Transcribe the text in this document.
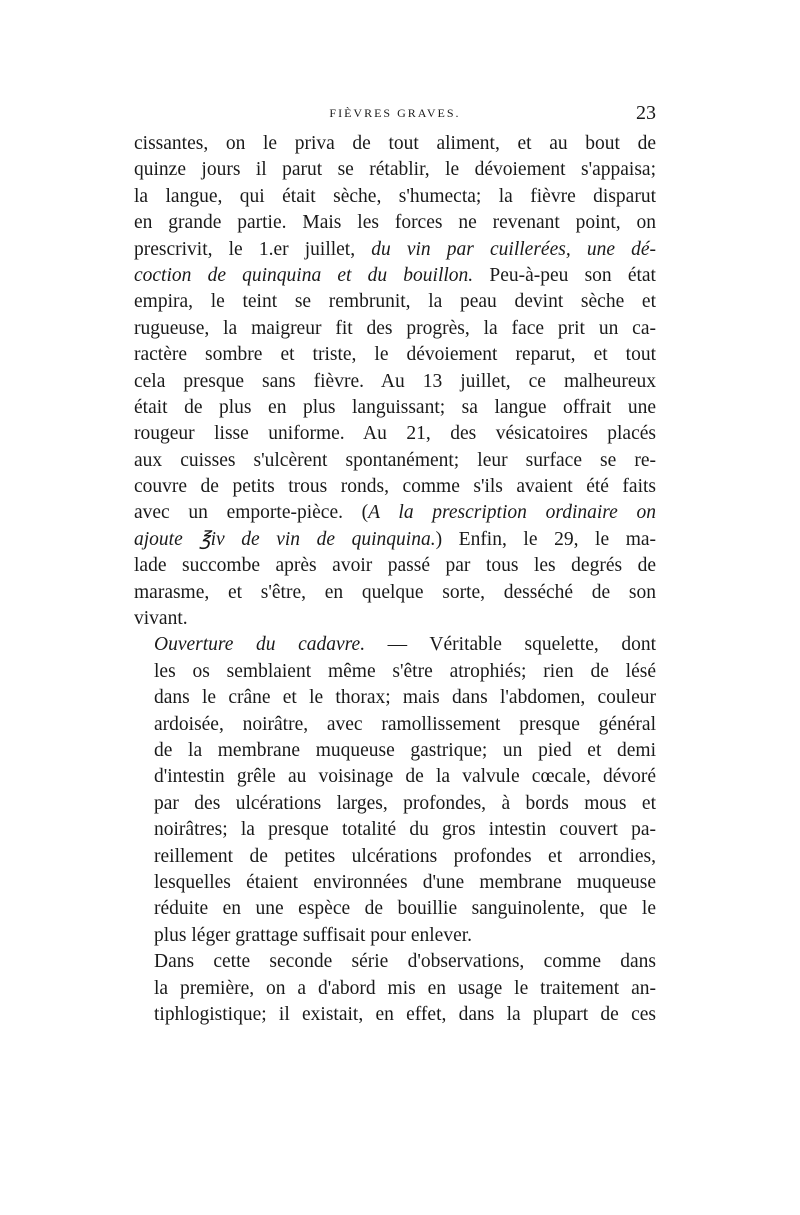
FIÈVRES GRAVES.	23
cissantes, on le priva de tout aliment, et au bout de
quinze jours il parut se rétablir, le dévoiement s'appaisa;
la langue, qui était sèche, s'humecta; la fièvre disparut
en grande partie. Mais les forces ne revenant point, on
prescrivit, le 1.er juillet, du vin par cuillerées, une dé-
coction de quinquina et du bouillon. Peu-à-peu son état
empira, le teint se rembrunit, la peau devint sèche et
rugueuse, la maigreur fit des progrès, la face prit un ca-
ractère sombre et triste, le dévoiement reparut, et tout
cela presque sans fièvre. Au 13 juillet, ce malheureux
était de plus en plus languissant; sa langue offrait une
rougeur lisse uniforme. Au 21, des vésicatoires placés
aux cuisses s'ulcèrent spontanément; leur surface se re-
couvre de petits trous ronds, comme s'ils avaient été faits
avec un emporte-pièce. (A la prescription ordinaire on
ajoute ℥iv de vin de quinquina.) Enfin, le 29, le ma-
lade succombe après avoir passé par tous les degrés de
marasme, et s'être, en quelque sorte, desséché de son
vivant.
Ouverture du cadavre. — Véritable squelette, dont
les os semblaient même s'être atrophiés; rien de lésé
dans le crâne et le thorax; mais dans l'abdomen, couleur
ardoisée, noirâtre, avec ramollissement presque général
de la membrane muqueuse gastrique; un pied et demi
d'intestin grêle au voisinage de la valvule cœcale, dévoré
par des ulcérations larges, profondes, à bords mous et
noirâtres; la presque totalité du gros intestin couvert pa-
reillement de petites ulcérations profondes et arrondies,
lesquelles étaient environnées d'une membrane muqueuse
réduite en une espèce de bouillie sanguinolente, que le
plus léger grattage suffisait pour enlever.
Dans cette seconde série d'observations, comme dans
la première, on a d'abord mis en usage le traitement an-
tiphlogistique; il existait, en effet, dans la plupart de ces
